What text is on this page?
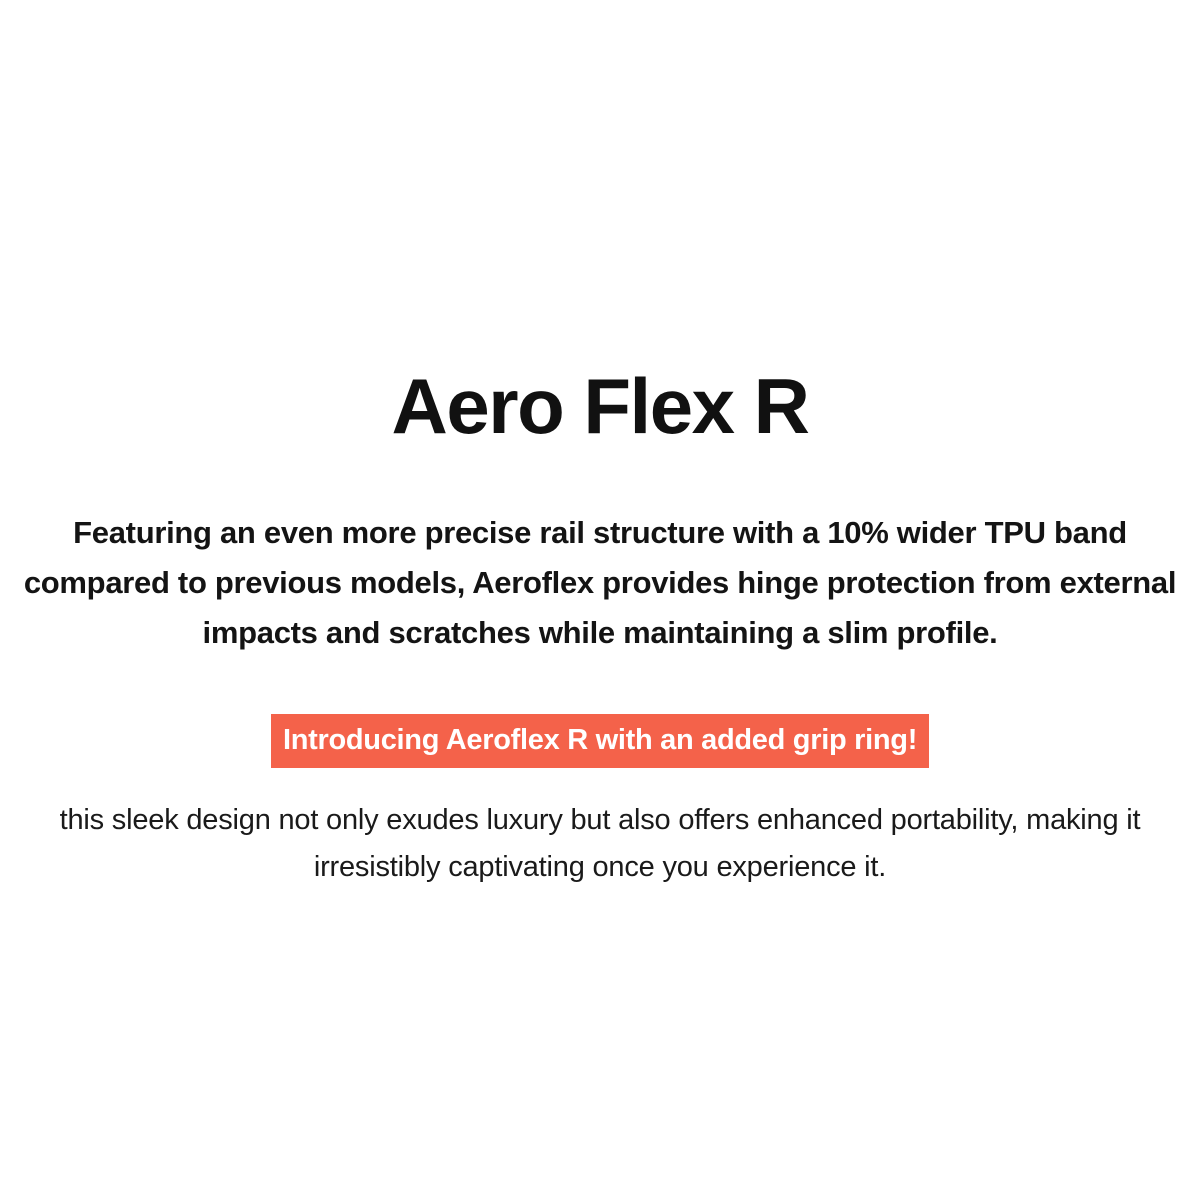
Aero Flex R

Featuring an even more precise rail structure with a 10% wider TPU band compared to previous models, Aeroflex provides hinge protection from external impacts and scratches while maintaining a slim profile.

Introducing Aeroflex R with an added grip ring!

this sleek design not only exudes luxury but also offers enhanced portability, making it irresistibly captivating once you experience it.
